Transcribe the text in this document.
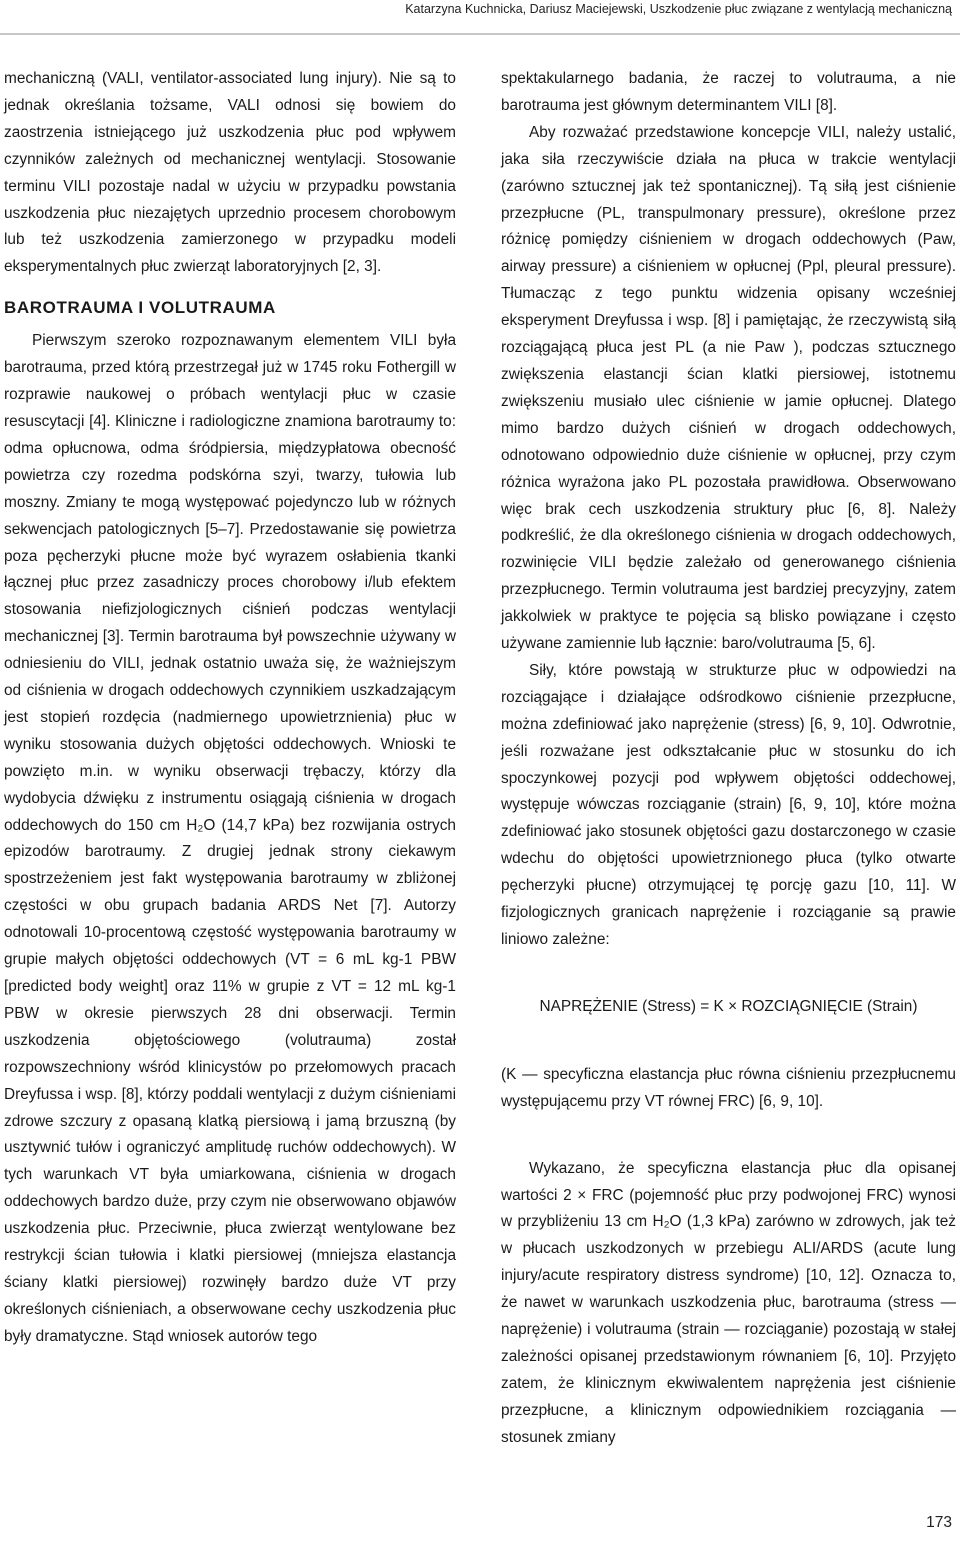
Katarzyna Kuchnicka, Dariusz Maciejewski, Uszkodzenie płuc związane z wentylacją mechaniczną

mechaniczną (VALI, ventilator-associated lung injury). Nie są to jednak określania tożsame, VALI odnosi się bowiem do zaostrzenia istniejącego już uszkodzenia płuc pod wpływem czynników zależnych od mechanicznej wentylacji. Stosowanie terminu VILI pozostaje nadal w użyciu w przypadku powstania uszkodzenia płuc niezajętych uprzednio procesem chorobowym lub też uszkodzenia zamierzonego w przypadku modeli eksperymentalnych płuc zwierząt laboratoryjnych [2, 3].

BAROTRAUMA I VOLUTRAUMA

Pierwszym szeroko rozpoznawanym elementem VILI była barotrauma, przed którą przestrzegał już w 1745 roku Fothergill w rozprawie naukowej o próbach wentylacji płuc w czasie resuscytacji [4]. Kliniczne i radiologiczne znamiona barotraumy to: odma opłucnowa, odma śródpiersia, międzypłatowa obecność powietrza czy rozedma podskórna szyi, twarzy, tułowia lub moszny. Zmiany te mogą występować pojedynczo lub w różnych sekwencjach patologicznych [5–7]. Przedostawanie się powietrza poza pęcherzyki płucne może być wyrazem osłabienia tkanki łącznej płuc przez zasadniczy proces chorobowy i/lub efektem stosowania niefizjologicznych ciśnień podczas wentylacji mechanicznej [3]. Termin barotrauma był powszechnie używany w odniesieniu do VILI, jednak ostatnio uważa się, że ważniejszym od ciśnienia w drogach oddechowych czynnikiem uszkadzającym jest stopień rozdęcia (nadmiernego upowietrznienia) płuc w wyniku stosowania dużych objętości oddechowych. Wnioski te powzięto m.in. w wyniku obserwacji trębaczy, którzy dla wydobycia dźwięku z instrumentu osiągają ciśnienia w drogach oddechowych do 150 cm H₂O (14,7 kPa) bez rozwijania ostrych epizodów barotraumy. Z drugiej jednak strony ciekawym spostrzeżeniem jest fakt występowania barotraumy w zbliżonej częstości w obu grupach badania ARDS Net [7]. Autorzy odnotowali 10-procentową częstość występowania barotraumy w grupie małych objętości oddechowych (VT = 6 mL kg-1 PBW [predicted body weight] oraz 11% w grupie z VT = 12 mL kg-1 PBW w okresie pierwszych 28 dni obserwacji. Termin uszkodzenia objętościowego (volutrauma) został rozpowszechniony wśród klinicystów po przełomowych pracach Dreyfussa i wsp. [8], którzy poddali wentylacji z dużym ciśnieniami zdrowe szczury z opasaną klatką piersiową i jamą brzuszną (by usztywnić tułów i ograniczyć amplitudę ruchów oddechowych). W tych warunkach VT była umiarkowana, ciśnienia w drogach oddechowych bardzo duże, przy czym nie obserwowano objawów uszkodzenia płuc. Przeciwnie, płuca zwierząt wentylowane bez restrykcji ścian tułowia i klatki piersiowej (mniejsza elastancja ściany klatki piersiowej) rozwinęły bardzo duże VT przy określonych ciśnieniach, a obserwowane cechy uszkodzenia płuc były dramatyczne. Stąd wniosek autorów tego

spektakularnego badania, że raczej to volutrauma, a nie barotrauma jest głównym determinantem VILI [8].

Aby rozważać przedstawione koncepcje VILI, należy ustalić, jaka siła rzeczywiście działa na płuca w trakcie wentylacji (zarówno sztucznej jak też spontanicznej). Tą siłą jest ciśnienie przezpłucne (PL, transpulmonary pressure), określone przez różnicę pomiędzy ciśnieniem w drogach oddechowych (Paw, airway pressure) a ciśnieniem w opłucnej (Ppl, pleural pressure). Tłumacząc z tego punktu widzenia opisany wcześniej eksperyment Dreyfussa i wsp. [8] i pamiętając, że rzeczywistą siłą rozciągającą płuca jest PL (a nie Paw ), podczas sztucznego zwiększenia elastancji ścian klatki piersiowej, istotnemu zwiększeniu musiało ulec ciśnienie w jamie opłucnej. Dlatego mimo bardzo dużych ciśnień w drogach oddechowych, odnotowano odpowiednio duże ciśnienie w opłucnej, przy czym różnica wyrażona jako PL pozostała prawidłowa. Obserwowano więc brak cech uszkodzenia struktury płuc [6, 8]. Należy podkreślić, że dla określonego ciśnienia w drogach oddechowych, rozwinięcie VILI będzie zależało od generowanego ciśnienia przezpłucnego. Termin volutrauma jest bardziej precyzyjny, zatem jakkolwiek w praktyce te pojęcia są blisko powiązane i często używane zamiennie lub łącznie: baro/volutrauma [5, 6].

Siły, które powstają w strukturze płuc w odpowiedzi na rozciągające i działające odśrodkowo ciśnienie przezpłucne, można zdefiniować jako naprężenie (stress) [6, 9, 10]. Odwrotnie, jeśli rozważane jest odkształcanie płuc w stosunku do ich spoczynkowej pozycji pod wpływem objętości oddechowej, występuje wówczas rozciąganie (strain) [6, 9, 10], które można zdefiniować jako stosunek objętości gazu dostarczonego w czasie wdechu do objętości upowietrznionego płuca (tylko otwarte pęcherzyki płucne) otrzymującej tę porcję gazu [10, 11]. W fizjologicznych granicach naprężenie i rozciąganie są prawie liniowo zależne:

NAPRĘŻENIE (Stress) = K × ROZCIĄGNIĘCIE (Strain)

(K — specyficzna elastancja płuc równa ciśnieniu przezpłucnemu występującemu przy VT równej FRC) [6, 9, 10].

Wykazano, że specyficzna elastancja płuc dla opisanej wartości 2 × FRC (pojemność płuc przy podwojonej FRC) wynosi w przybliżeniu 13 cm H₂O (1,3 kPa) zarówno w zdrowych, jak też w płucach uszkodzonych w przebiegu ALI/ARDS (acute lung injury/acute respiratory distress syndrome) [10, 12]. Oznacza to, że nawet w warunkach uszkodzenia płuc, barotrauma (stress — naprężenie) i volutrauma (strain — rozciąganie) pozostają w stałej zależności opisanej przedstawionym równaniem [6, 10]. Przyjęto zatem, że klinicznym ekwiwalentem naprężenia jest ciśnienie przezpłucne, a klinicznym odpowiednikiem rozciągania — stosunek zmiany

173
